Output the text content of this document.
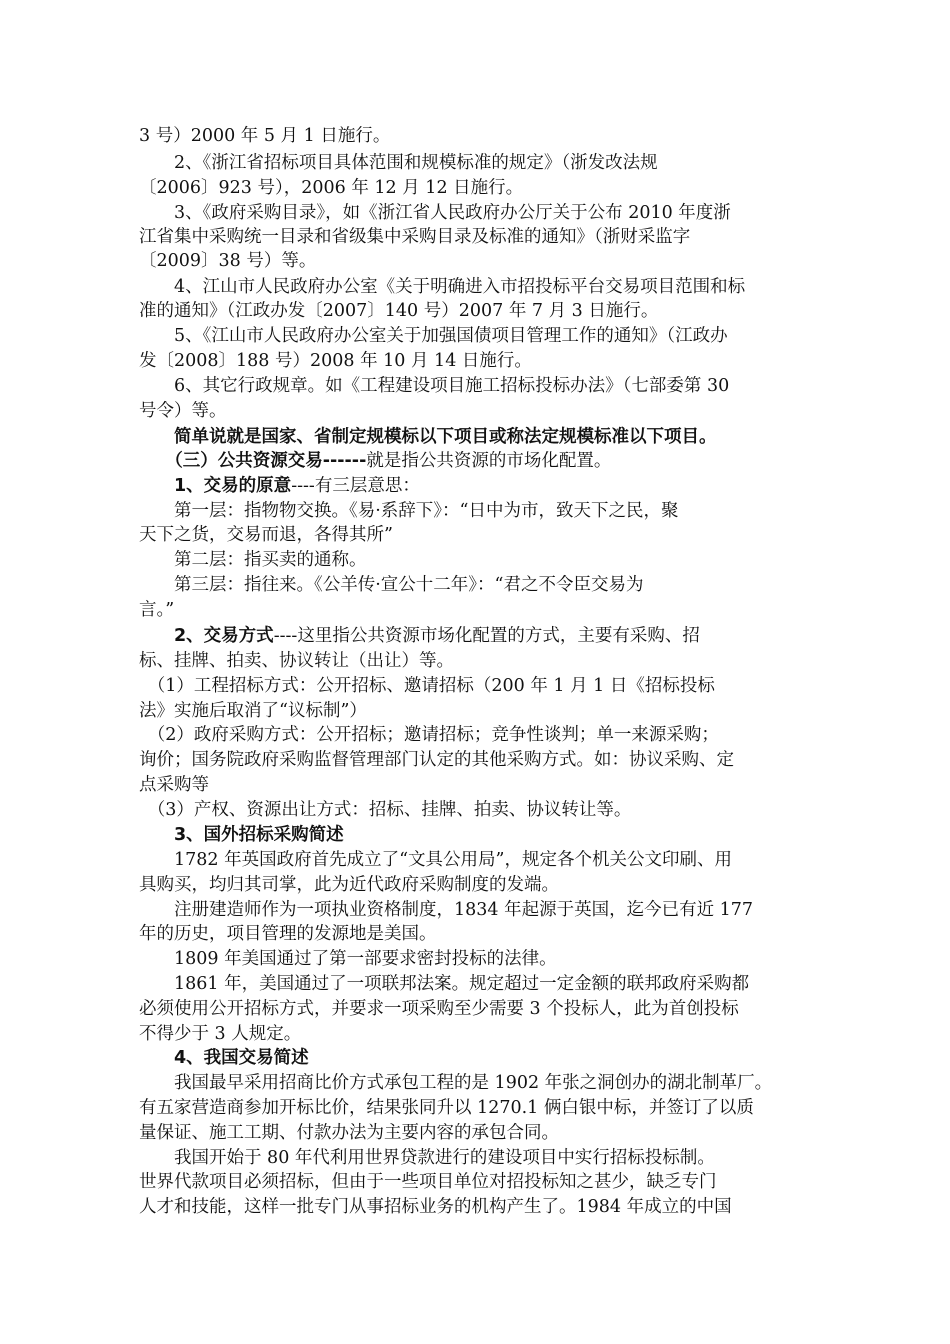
3 号）2000 年 5 月 1 日施行。
　　2、《浙江省招标项目具体范围和规模标准的规定》（浙发改法规
〔2006〕923 号），2006 年 12 月 12 日施行。
　　3、《政府采购目录》，如《浙江省人民政府办公厅关于公布 2010 年度浙
江省集中采购统一目录和省级集中采购目录及标准的通知》（浙财采监字
〔2009〕38 号）等。
　　4、江山市人民政府办公室《关于明确进入市招投标平台交易项目范围和标
准的通知》（江政办发〔2007〕140 号）2007 年 7 月 3 日施行。
　　5、《江山市人民政府办公室关于加强国债项目管理工作的通知》（江政办
发〔2008〕188 号）2008 年 10 月 14 日施行。
　　6、其它行政规章。如《工程建设项目施工招标投标办法》（七部委第 30
号令）等。
　　简单说就是国家、省制定规模标以下项目或称法定规模标准以下项目。
　　（三）公共资源交易------就是指公共资源的市场化配置。
　　1、交易的原意----有三层意思：
　　第一层：指物物交换。《易·系辞下》：“日中为市，致天下之民，聚
天下之货，交易而退，各得其所”
　　第二层：指买卖的通称。
　　第三层：指往来。《公羊传·宣公十二年》：“君之不令臣交易为
言。”
　　2、交易方式----这里指公共资源市场化配置的方式，主要有采购、招
标、挂牌、拍卖、协议转让（出让）等。
　（1）工程招标方式：公开招标、邀请招标（200 年 1 月 1 日《招标投标
法》实施后取消了“议标制”）
　（2）政府采购方式：公开招标；邀请招标；竞争性谈判；单一来源采购；
询价；国务院政府采购监督管理部门认定的其他采购方式。如：协议采购、定
点采购等
　（3）产权、资源出让方式：招标、挂牌、拍卖、协议转让等。
　　3、国外招标采购简述
　　1782 年英国政府首先成立了“文具公用局”，规定各个机关公文印刷、用
具购买，均归其司掌，此为近代政府采购制度的发端。
　　注册建造师作为一项执业资格制度，1834 年起源于英国，迄今已有近 177
年的历史，项目管理的发源地是美国。
　　1809 年美国通过了第一部要求密封投标的法律。
　　1861 年，美国通过了一项联邦法案。规定超过一定金额的联邦政府采购都
必须使用公开招标方式，并要求一项采购至少需要 3 个投标人，此为首创投标
不得少于 3 人规定。
　　4、我国交易简述
　　我国最早采用招商比价方式承包工程的是 1902 年张之洞创办的湖北制革厂。
有五家营造商参加开标比价，结果张同升以 1270.1 俩白银中标，并签订了以质
量保证、施工工期、付款办法为主要内容的承包合同。
　　我国开始于 80 年代利用世界贷款进行的建设项目中实行招标投标制。
世界代款项目必须招标，但由于一些项目单位对招投标知之甚少，缺乏专门
人才和技能，这样一批专门从事招标业务的机构产生了。1984 年成立的中国
